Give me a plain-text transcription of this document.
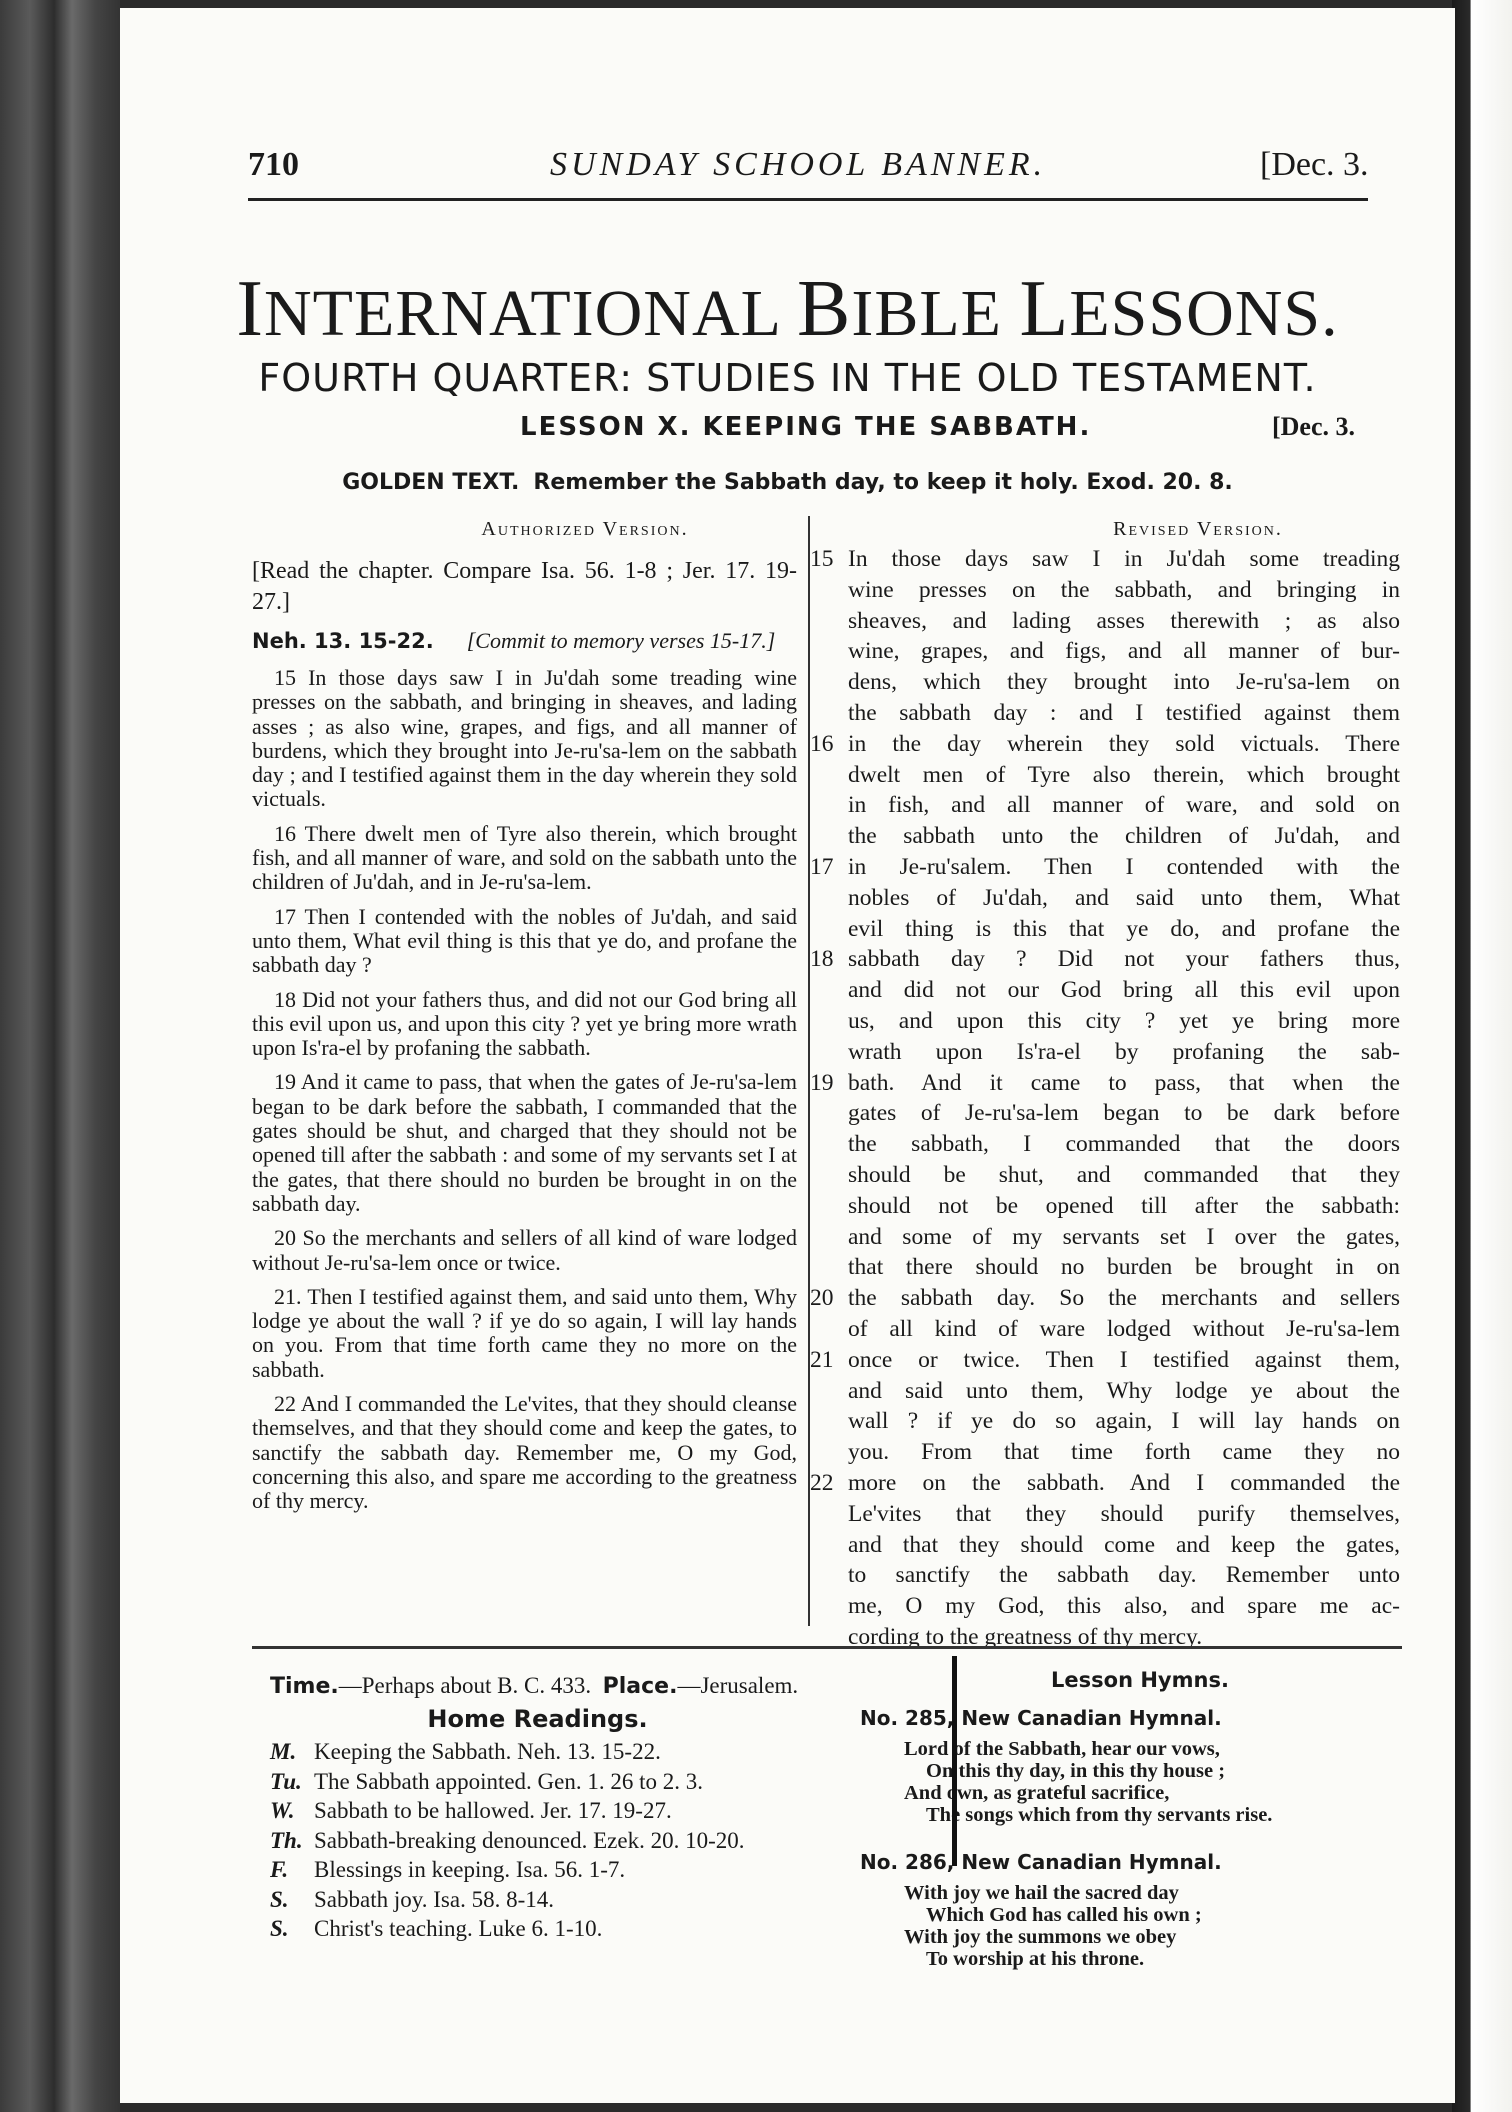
710	SUNDAY SCHOOL BANNER.	[Dec. 3.
INTERNATIONAL BIBLE LESSONS.
FOURTH QUARTER: STUDIES IN THE OLD TESTAMENT.
LESSON X. KEEPING THE SABBATH.	[Dec. 3.
GOLDEN TEXT. Remember the Sabbath day, to keep it holy. Exod. 20. 8.
Authorized Version.	Revised Version.

[Read the chapter. Compare Isa. 56. 1-8 ; Jer. 17. 19-27.]

Neh. 13. 15-22. [Commit to memory verses 15-17.]

15 In those days saw I in Ju'dah some treading wine presses on the sabbath, and bringing in sheaves, and lading asses ; as also wine, grapes, and figs, and all manner of burdens, which they brought into Je-ru'sa-lem on the sabbath day ; and I testified against them in the day wherein they sold victuals.

16 There dwelt men of Tyre also therein, which brought fish, and all manner of ware, and sold on the sabbath unto the children of Ju'dah, and in Je-ru'sa-lem.

17 Then I contended with the nobles of Ju'dah, and said unto them, What evil thing is this that ye do, and profane the sabbath day ?

18 Did not your fathers thus, and did not our God bring all this evil upon us, and upon this city ? yet ye bring more wrath upon Is'ra-el by profaning the sabbath.

19 And it came to pass, that when the gates of Je-ru'sa-lem began to be dark before the sabbath, I commanded that the gates should be shut, and charged that they should not be opened till after the sabbath : and some of my servants set I at the gates, that there should no burden be brought in on the sabbath day.

20 So the merchants and sellers of all kind of ware lodged without Je-ru'sa-lem once or twice.

21. Then I testified against them, and said unto them, Why lodge ye about the wall ? if ye do so again, I will lay hands on you. From that time forth came they no more on the sabbath.

22 And I commanded the Le'vites, that they should cleanse themselves, and that they should come and keep the gates, to sanctify the sabbath day. Remember me, O my God, concerning this also, and spare me according to the greatness of thy mercy.

15 In those days saw I in Ju'dah some treading
wine presses on the sabbath, and bringing in
sheaves, and lading asses therewith ; as also
wine, grapes, and figs, and all manner of bur-
dens, which they brought into Je-ru'sa-lem on
the sabbath day : and I testified against them
16 in the day wherein they sold victuals. There
dwelt men of Tyre also therein, which brought
in fish, and all manner of ware, and sold on
the sabbath unto the children of Ju'dah, and
17 in Je-ru'salem. Then I contended with the
nobles of Ju'dah, and said unto them, What
evil thing is this that ye do, and profane the
18 sabbath day ? Did not your fathers thus,
and did not our God bring all this evil upon
us, and upon this city ? yet ye bring more
wrath upon Is'ra-el by profaning the sab-
19 bath. And it came to pass, that when the
gates of Je-ru'sa-lem began to be dark before
the sabbath, I commanded that the doors
should be shut, and commanded that they
should not be opened till after the sabbath:
and some of my servants set I over the gates,
that there should no burden be brought in on
20 the sabbath day. So the merchants and sellers
of all kind of ware lodged without Je-ru'sa-lem
21 once or twice. Then I testified against them,
and said unto them, Why lodge ye about the
wall ? if ye do so again, I will lay hands on
you. From that time forth came they no
22 more on the sabbath. And I commanded the
Le'vites that they should purify themselves,
and that they should come and keep the gates,
to sanctify the sabbath day. Remember unto
me, O my God, this also, and spare me ac-
cording to the greatness of thy mercy.
Time.—Perhaps about B. C. 433. Place.—Jerusalem.
Home Readings.
M. Keeping the Sabbath. Neh. 13. 15-22.
Tu. The Sabbath appointed. Gen. 1. 26 to 2. 3.
W. Sabbath to be hallowed. Jer. 17. 19-27.
Th. Sabbath-breaking denounced. Ezek. 20. 10-20.
F.	Blessings in keeping. Isa. 56. 1-7.
S.	Sabbath joy. Isa. 58. 8-14.
S.	Christ's teaching. Luke 6. 1-10.
Lesson Hymns.
No. 285, New Canadian Hymnal.
Lord of the Sabbath, hear our vows,
On this thy day, in this thy house ;
And own, as grateful sacrifice,
The songs which from thy servants rise.
No. 286, New Canadian Hymnal.
With joy we hail the sacred day
Which God has called his own ;
With joy the summons we obey
To worship at his throne.
